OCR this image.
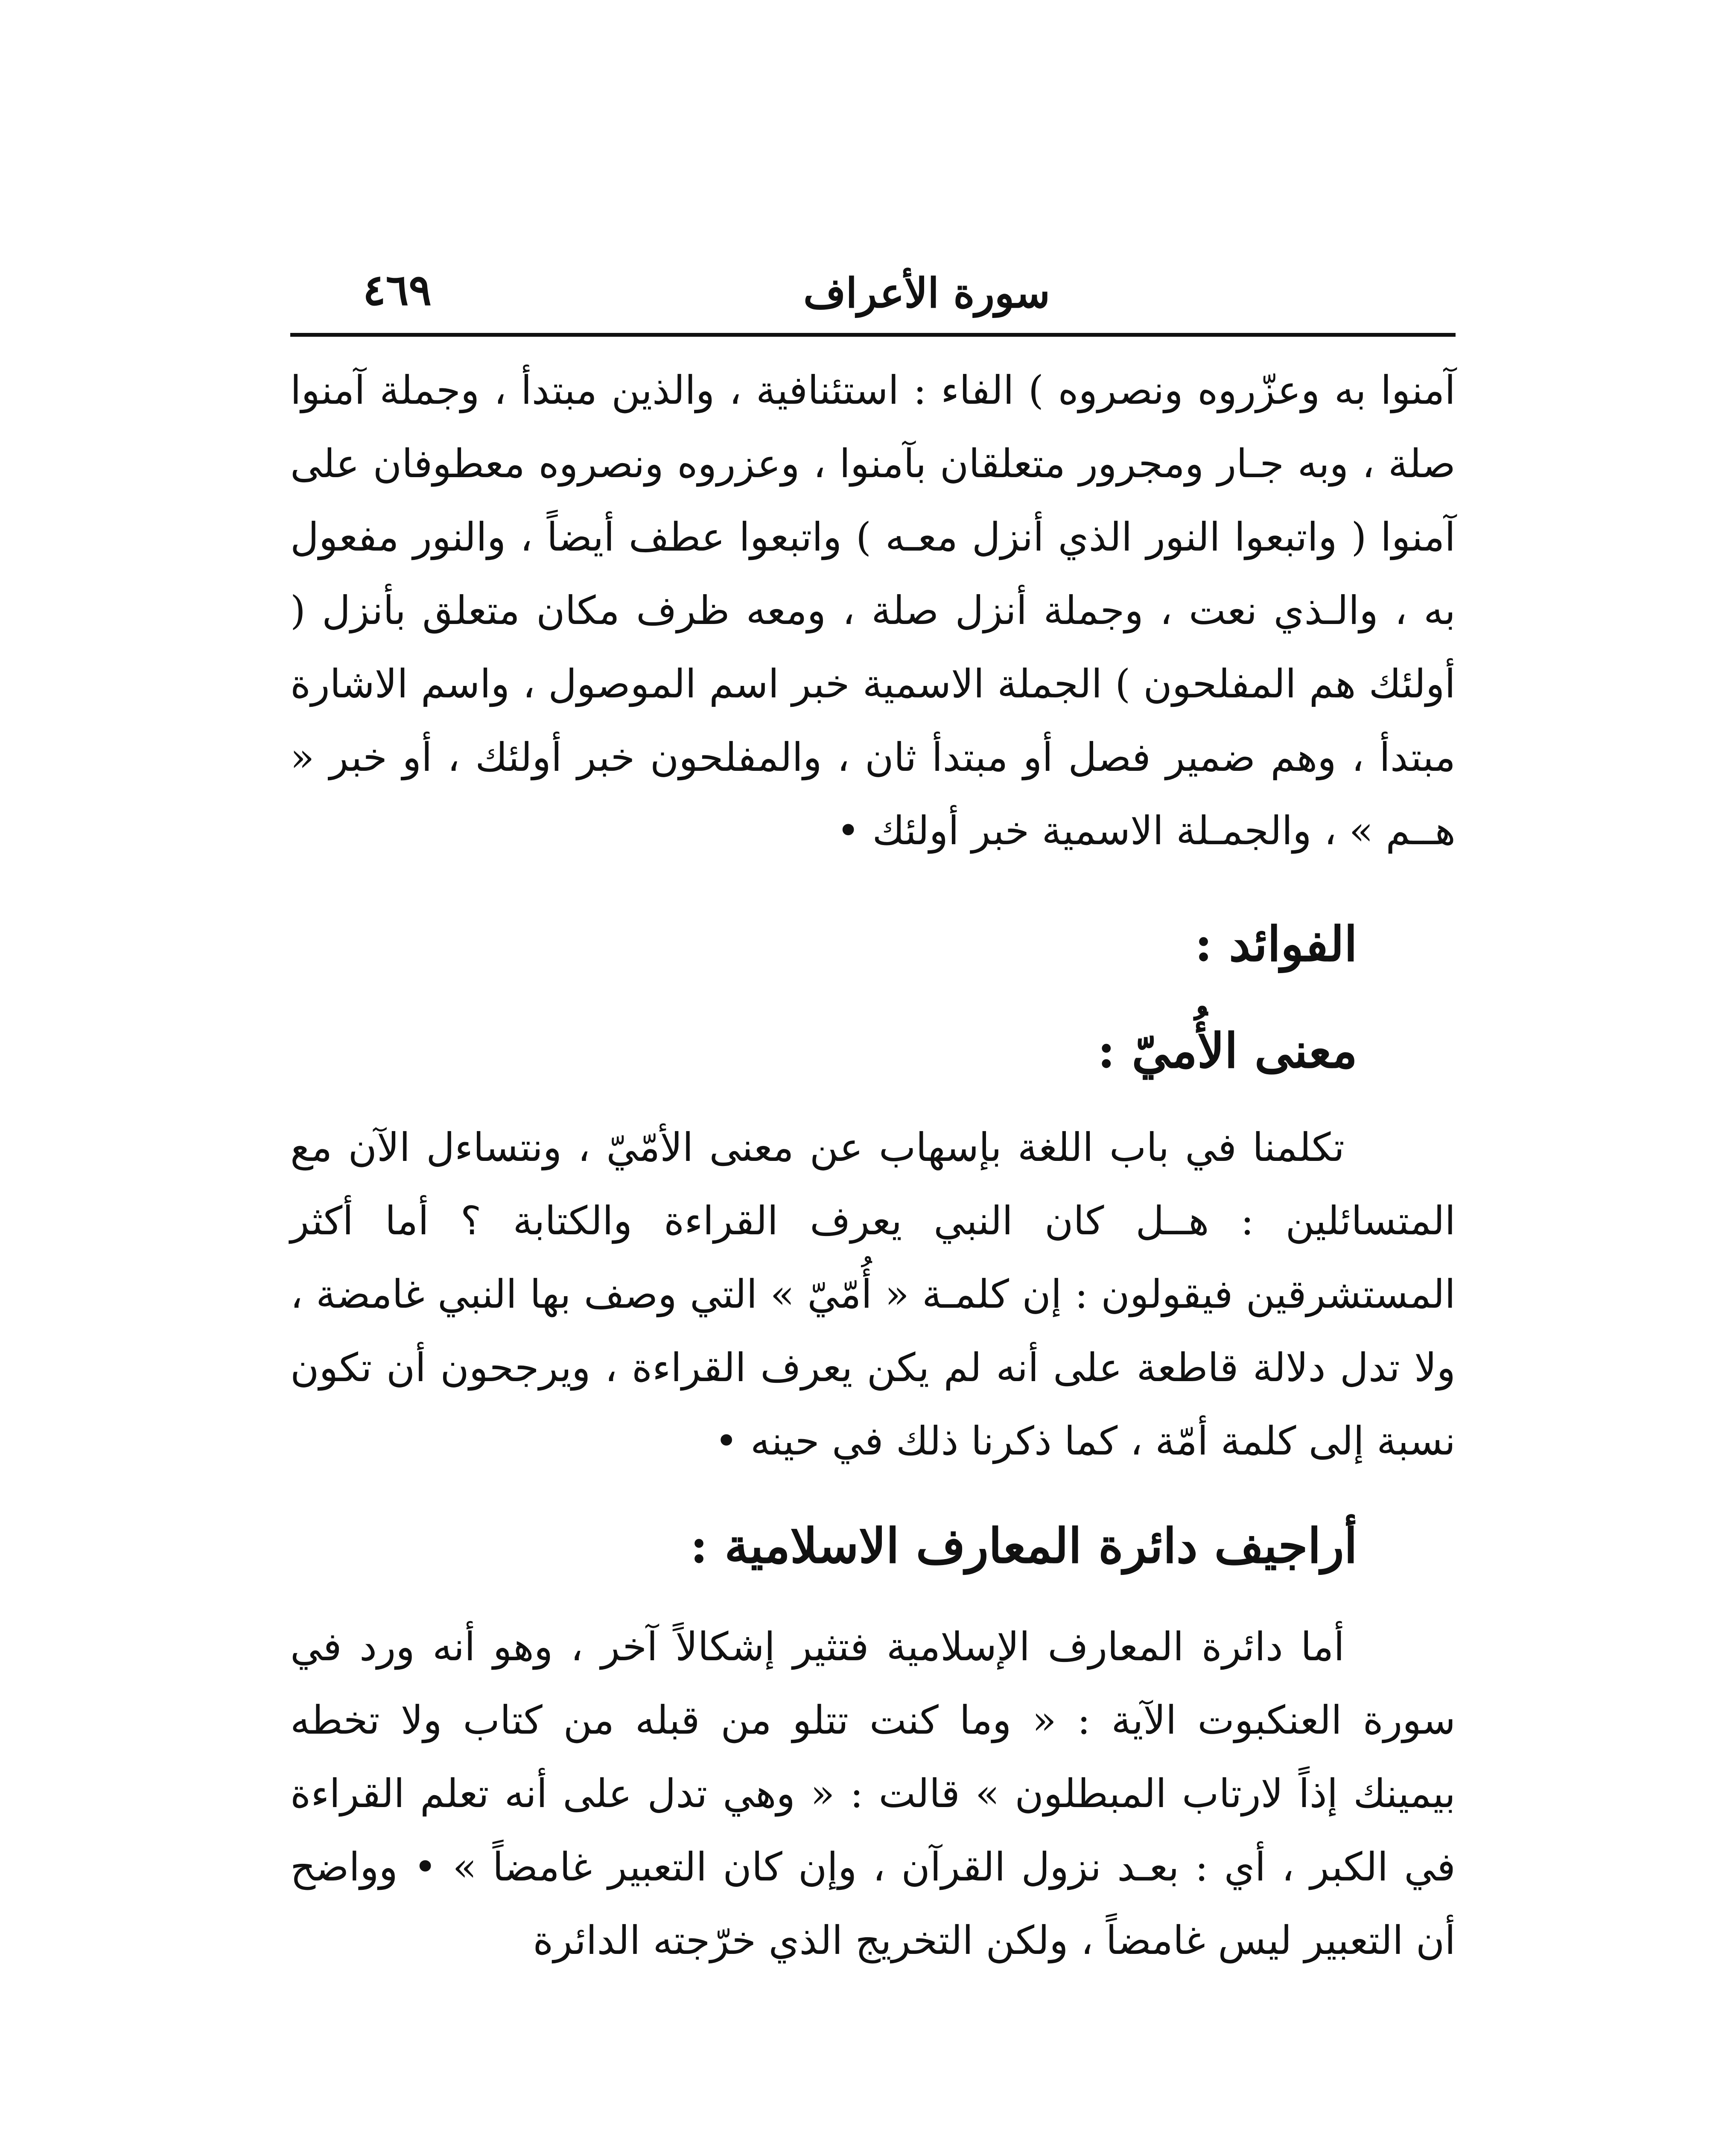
سورة الأعراف
٤٦٩

آمنوا به وعزّروه ونصروه ) الفاء : استئنافية ، والذين مبتدأ ، وجملة آمنوا صلة ، وبه جـار ومجرور متعلقان بآمنوا ، وعزروه ونصروه معطوفان على آمنوا ( واتبعوا النور الذي أنزل معـه ) واتبعوا عطف أيضاً ، والنور مفعول به ، والـذي نعت ، وجملة أنزل صلة ، ومعه ظرف مكان متعلق بأنزل ( أولئك هم المفلحون ) الجملة الاسمية خبر اسم الموصول ، واسم الاشارة مبتدأ ، وهم ضمير فصل أو مبتدأ ثان ، والمفلحون خبر أولئك ، أو خبر « هــم » ، والجمـلة الاسمية خبر أولئك •

الفوائد :
معنى الأُميّ :

تكلمنا في باب اللغة بإسهاب عن معنى الأمّيّ ، ونتساءل الآن مع المتسائلين : هــل كان النبي يعرف القراءة والكتابة ؟ أما أكثر المستشرقين فيقولون : إن كلمـة « أُمّيّ » التي وصف بها النبي غامضة ، ولا تدل دلالة قاطعة على أنه لم يكن يعرف القراءة ، ويرجحون أن تكون نسبة إلى كلمة أمّة ، كما ذكرنا ذلك في حينه •

أراجيف دائرة المعارف الاسلامية :

أما دائرة المعارف الإسلامية فتثير إشكالاً آخر ، وهو أنه ورد في سورة العنكبوت الآية : « وما كنت تتلو من قبله من كتاب ولا تخطه بيمينك إذاً لارتاب المبطلون » قالت : « وهي تدل على أنه تعلم القراءة في الكبر ، أي : بعـد نزول القرآن ، وإن كان التعبير غامضاً » • وواضح أن التعبير ليس غامضاً ، ولكن التخريج الذي خرّجته الدائرة
